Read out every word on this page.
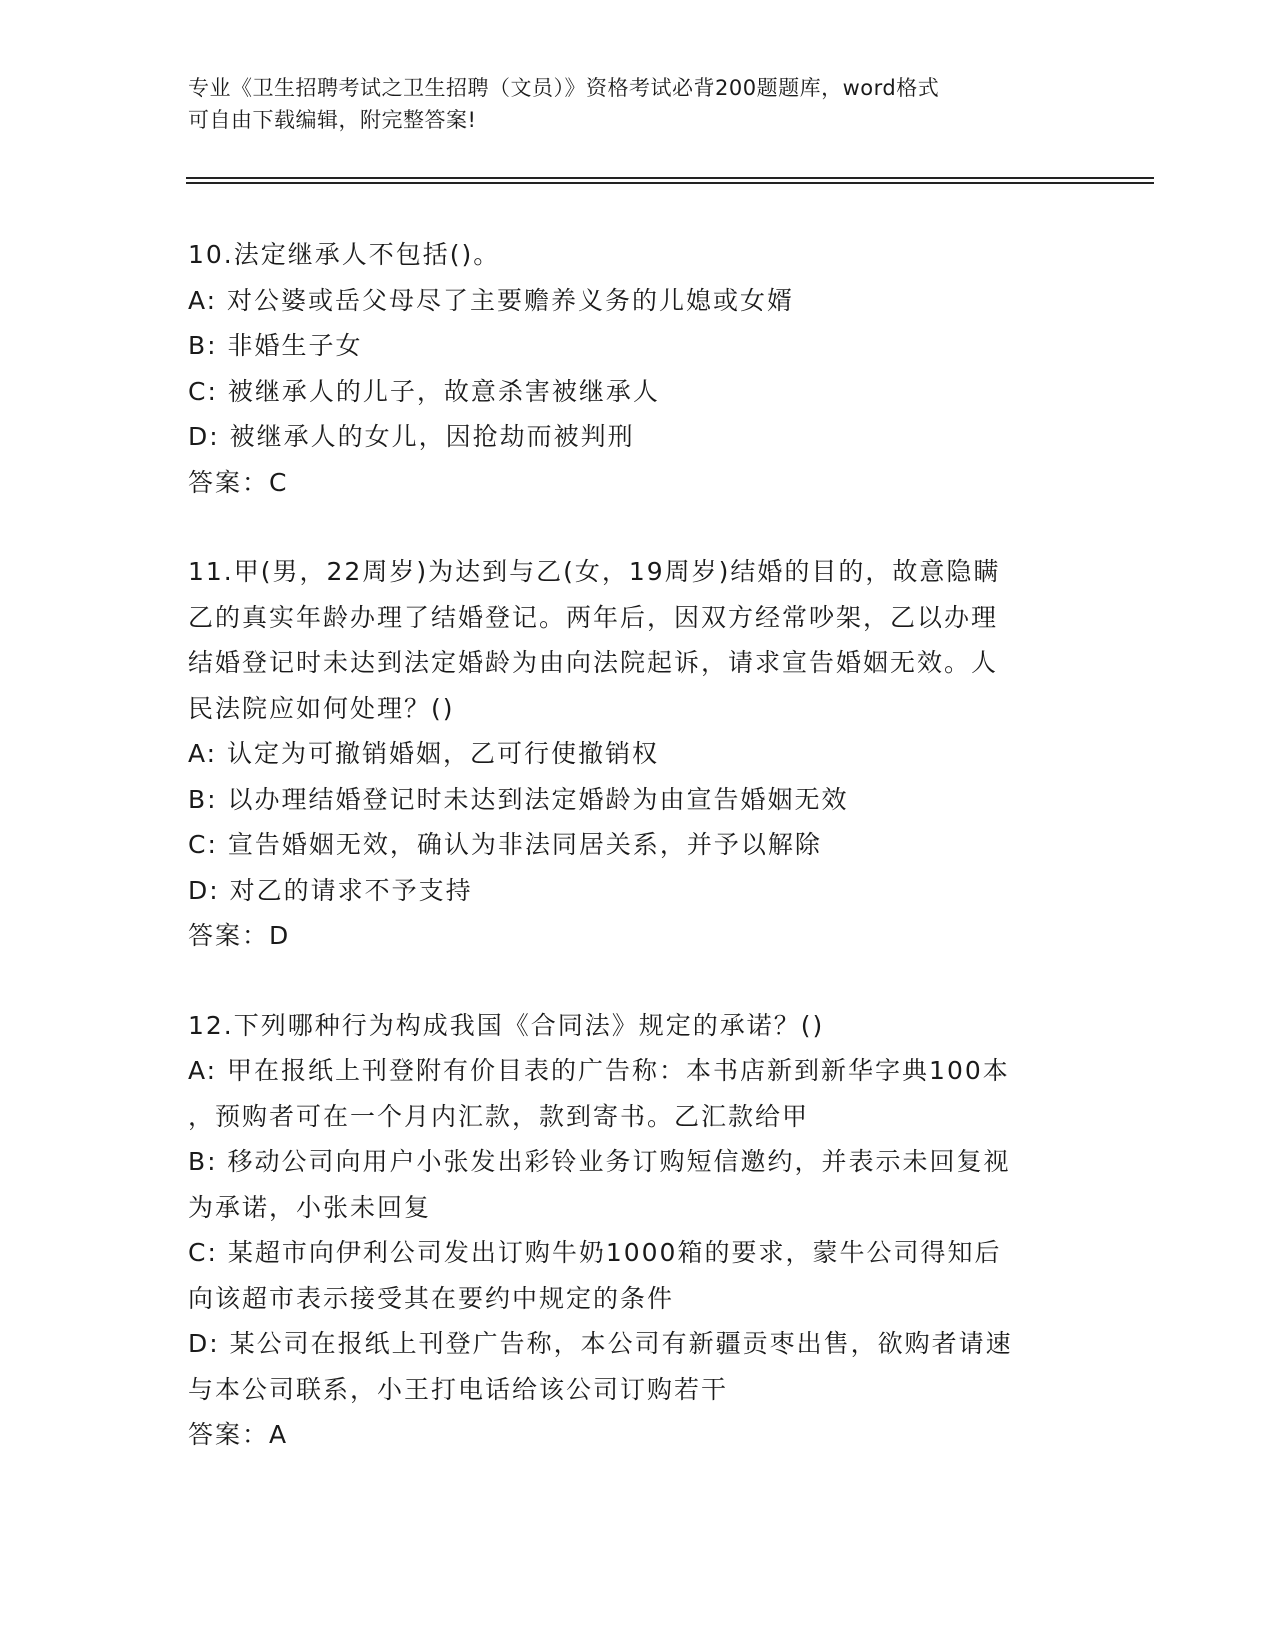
专业《卫生招聘考试之卫生招聘（文员）》资格考试必背200题题库，word格式
可自由下载编辑，附完整答案!
10.法定继承人不包括()。
A: 对公婆或岳父母尽了主要赡养义务的儿媳或女婿
B: 非婚生子女
C: 被继承人的儿子，故意杀害被继承人
D: 被继承人的女儿，因抢劫而被判刑
答案：C
11.甲(男，22周岁)为达到与乙(女，19周岁)结婚的目的，故意隐瞒
乙的真实年龄办理了结婚登记。两年后，因双方经常吵架，乙以办理
结婚登记时未达到法定婚龄为由向法院起诉，请求宣告婚姻无效。人
民法院应如何处理？()
A: 认定为可撤销婚姻，乙可行使撤销权
B: 以办理结婚登记时未达到法定婚龄为由宣告婚姻无效
C: 宣告婚姻无效，确认为非法同居关系，并予以解除
D: 对乙的请求不予支持
答案：D
12.下列哪种行为构成我国《合同法》规定的承诺？()
A: 甲在报纸上刊登附有价目表的广告称：本书店新到新华字典100本
，预购者可在一个月内汇款，款到寄书。乙汇款给甲
B: 移动公司向用户小张发出彩铃业务订购短信邀约，并表示未回复视
为承诺，小张未回复
C: 某超市向伊利公司发出订购牛奶1000箱的要求，蒙牛公司得知后
向该超市表示接受其在要约中规定的条件
D: 某公司在报纸上刊登广告称，本公司有新疆贡枣出售，欲购者请速
与本公司联系，小王打电话给该公司订购若干
答案：A
